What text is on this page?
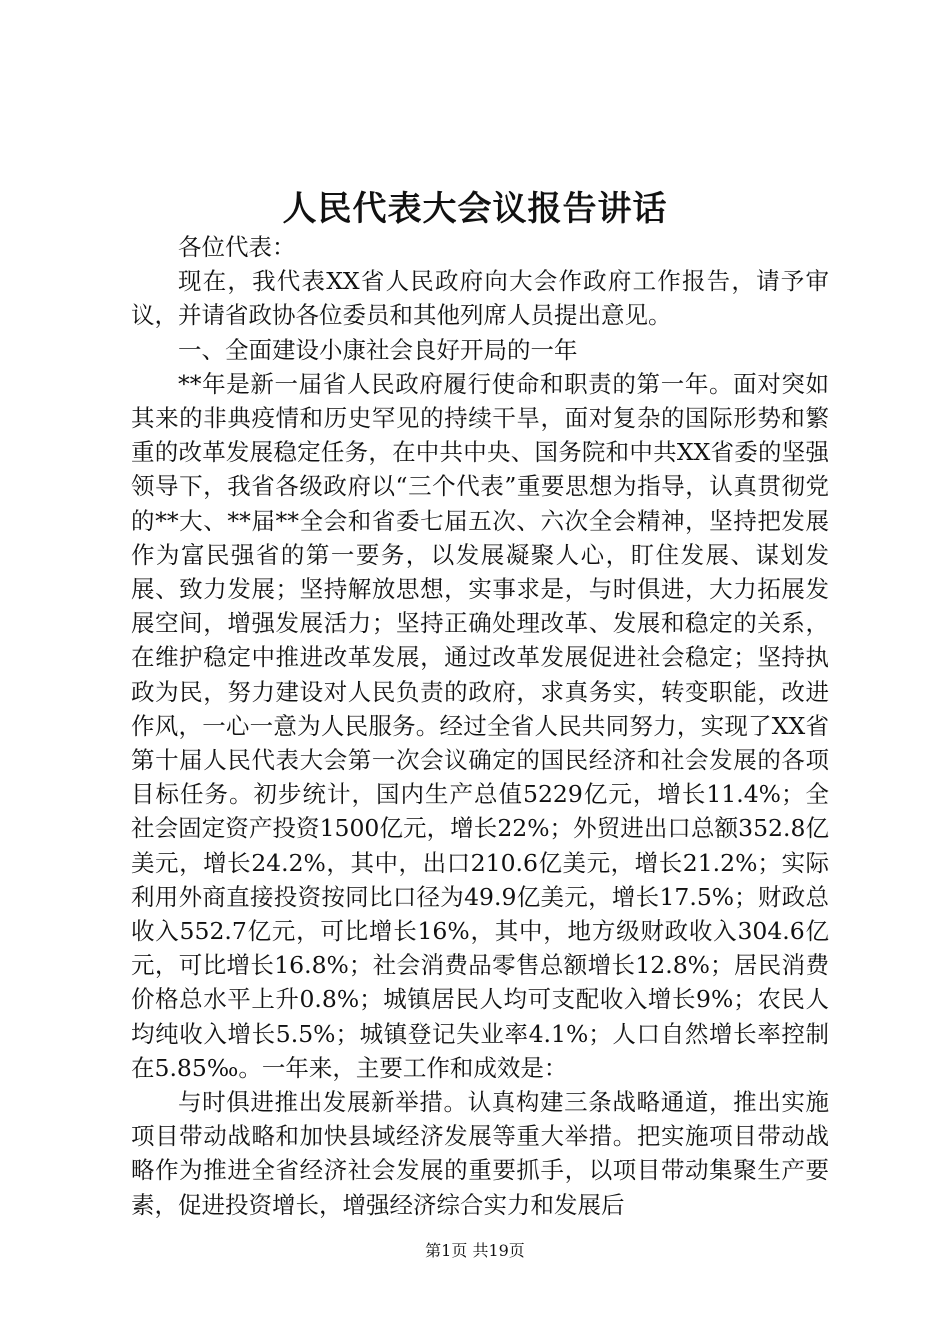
人民代表大会议报告讲话

各位代表：

现在，我代表XX省人民政府向大会作政府工作报告，请予审议，并请省政协各位委员和其他列席人员提出意见。

一、全面建设小康社会良好开局的一年

**年是新一届省人民政府履行使命和职责的第一年。面对突如其来的非典疫情和历史罕见的持续干旱，面对复杂的国际形势和繁重的改革发展稳定任务，在中共中央、国务院和中共XX省委的坚强领导下，我省各级政府以“三个代表”重要思想为指导，认真贯彻党的**大、**届**全会和省委七届五次、六次全会精神，坚持把发展作为富民强省的第一要务，以发展凝聚人心，盯住发展、谋划发展、致力发展；坚持解放思想，实事求是，与时俱进，大力拓展发展空间，增强发展活力；坚持正确处理改革、发展和稳定的关系，在维护稳定中推进改革发展，通过改革发展促进社会稳定；坚持执政为民，努力建设对人民负责的政府，求真务实，转变职能，改进作风，一心一意为人民服务。经过全省人民共同努力，实现了XX省第十届人民代表大会第一次会议确定的国民经济和社会发展的各项目标任务。初步统计，国内生产总值5229亿元，增长11.4%；全社会固定资产投资1500亿元，增长22%；外贸进出口总额352.8亿美元，增长24.2%，其中，出口210.6亿美元，增长21.2%；实际利用外商直接投资按同比口径为49.9亿美元，增长17.5%；财政总收入552.7亿元，可比增长16%，其中，地方级财政收入304.6亿元，可比增长16.8%；社会消费品零售总额增长12.8%；居民消费价格总水平上升0.8%；城镇居民人均可支配收入增长9%；农民人均纯收入增长5.5%；城镇登记失业率4.1%；人口自然增长率控制在5.85‰。一年来，主要工作和成效是：

与时俱进推出发展新举措。认真构建三条战略通道，推出实施项目带动战略和加快县域经济发展等重大举措。把实施项目带动战略作为推进全省经济社会发展的重要抓手，以项目带动集聚生产要素，促进投资增长，增强经济综合实力和发展后

第1页 共19页
